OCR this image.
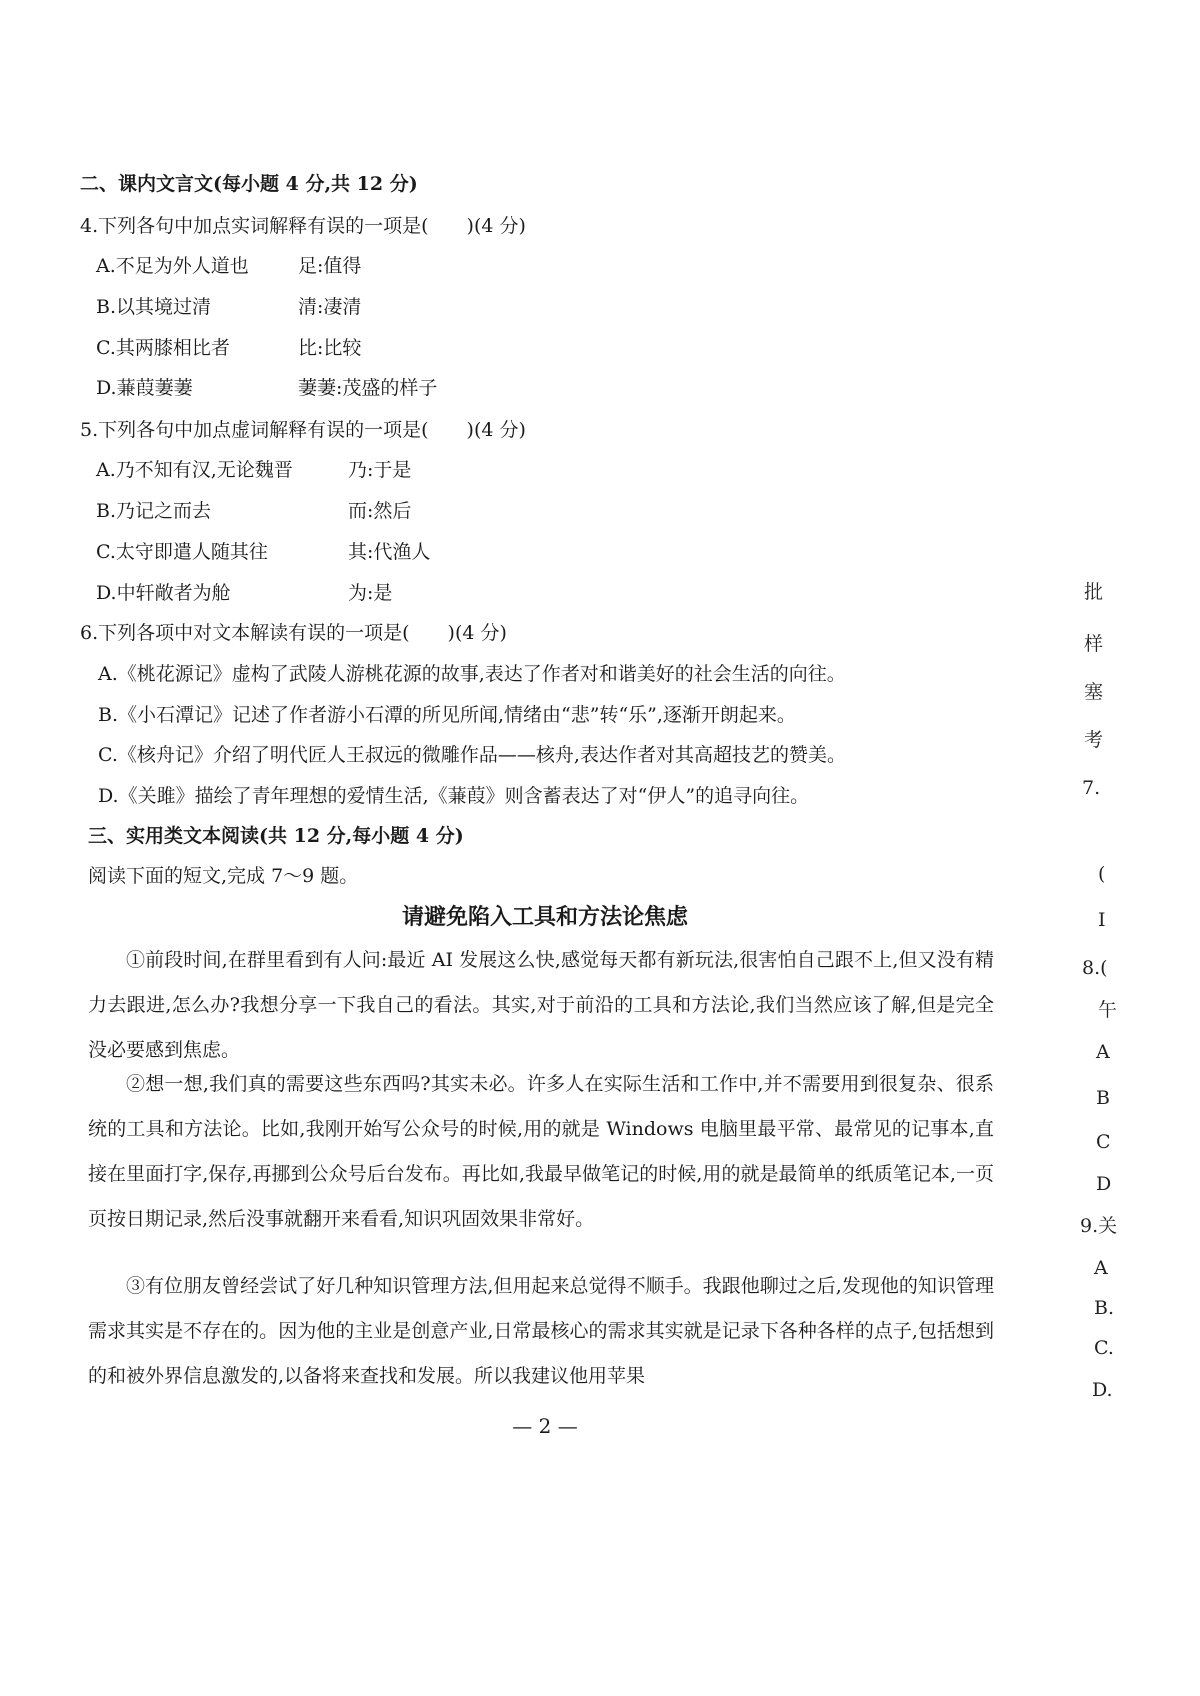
二、课内文言文(每小题 4 分,共 12 分)
4.下列各句中加点实词解释有误的一项是(　　)(4 分)
A.不足为外人道也	足:值得
B.以其境过清	清:凄清
C.其两膝相比者	比:比较
D.蒹葭萋萋	萋萋:茂盛的样子
5.下列各句中加点虚词解释有误的一项是(　　)(4 分)
A.乃不知有汉,无论魏晋	乃:于是
B.乃记之而去	而:然后
C.太守即遣人随其往	其:代渔人
D.中轩敞者为舱	为:是
6.下列各项中对文本解读有误的一项是(　　)(4 分)
A.《桃花源记》虚构了武陵人游桃花源的故事,表达了作者对和谐美好的社会生活的向往。
B.《小石潭记》记述了作者游小石潭的所见所闻,情绪由“悲”转“乐”,逐渐开朗起来。
C.《核舟记》介绍了明代匠人王叔远的微雕作品——核舟,表达作者对其高超技艺的赞美。
D.《关雎》描绘了青年理想的爱情生活,《蒹葭》则含蓄表达了对“伊人”的追寻向往。
三、实用类文本阅读(共 12 分,每小题 4 分)
阅读下面的短文,完成 7～9 题。
请避免陷入工具和方法论焦虑
①前段时间,在群里看到有人问:最近 AI 发展这么快,感觉每天都有新玩法,很害怕自己跟不上,但又没有精力去跟进,怎么办?我想分享一下我自己的看法。其实,对于前沿的工具和方法论,我们当然应该了解,但是完全没必要感到焦虑。
②想一想,我们真的需要这些东西吗?其实未必。许多人在实际生活和工作中,并不需要用到很复杂、很系统的工具和方法论。比如,我刚开始写公众号的时候,用的就是 Windows 电脑里最平常、最常见的记事本,直接在里面打字,保存,再挪到公众号后台发布。再比如,我最早做笔记的时候,用的就是最简单的纸质笔记本,一页页按日期记录,然后没事就翻开来看看,知识巩固效果非常好。
③有位朋友曾经尝试了好几种知识管理方法,但用起来总觉得不顺手。我跟他聊过之后,发现他的知识管理需求其实是不存在的。因为他的主业是创意产业,日常最核心的需求其实就是记录下各种各样的点子,包括想到的和被外界信息激发的,以备将来查找和发展。所以我建议他用苹果
批
样
塞
考
7.
(
I
8.(
午
A
B
C
D
9.关
A
B.
C.
D.
— 2 —
